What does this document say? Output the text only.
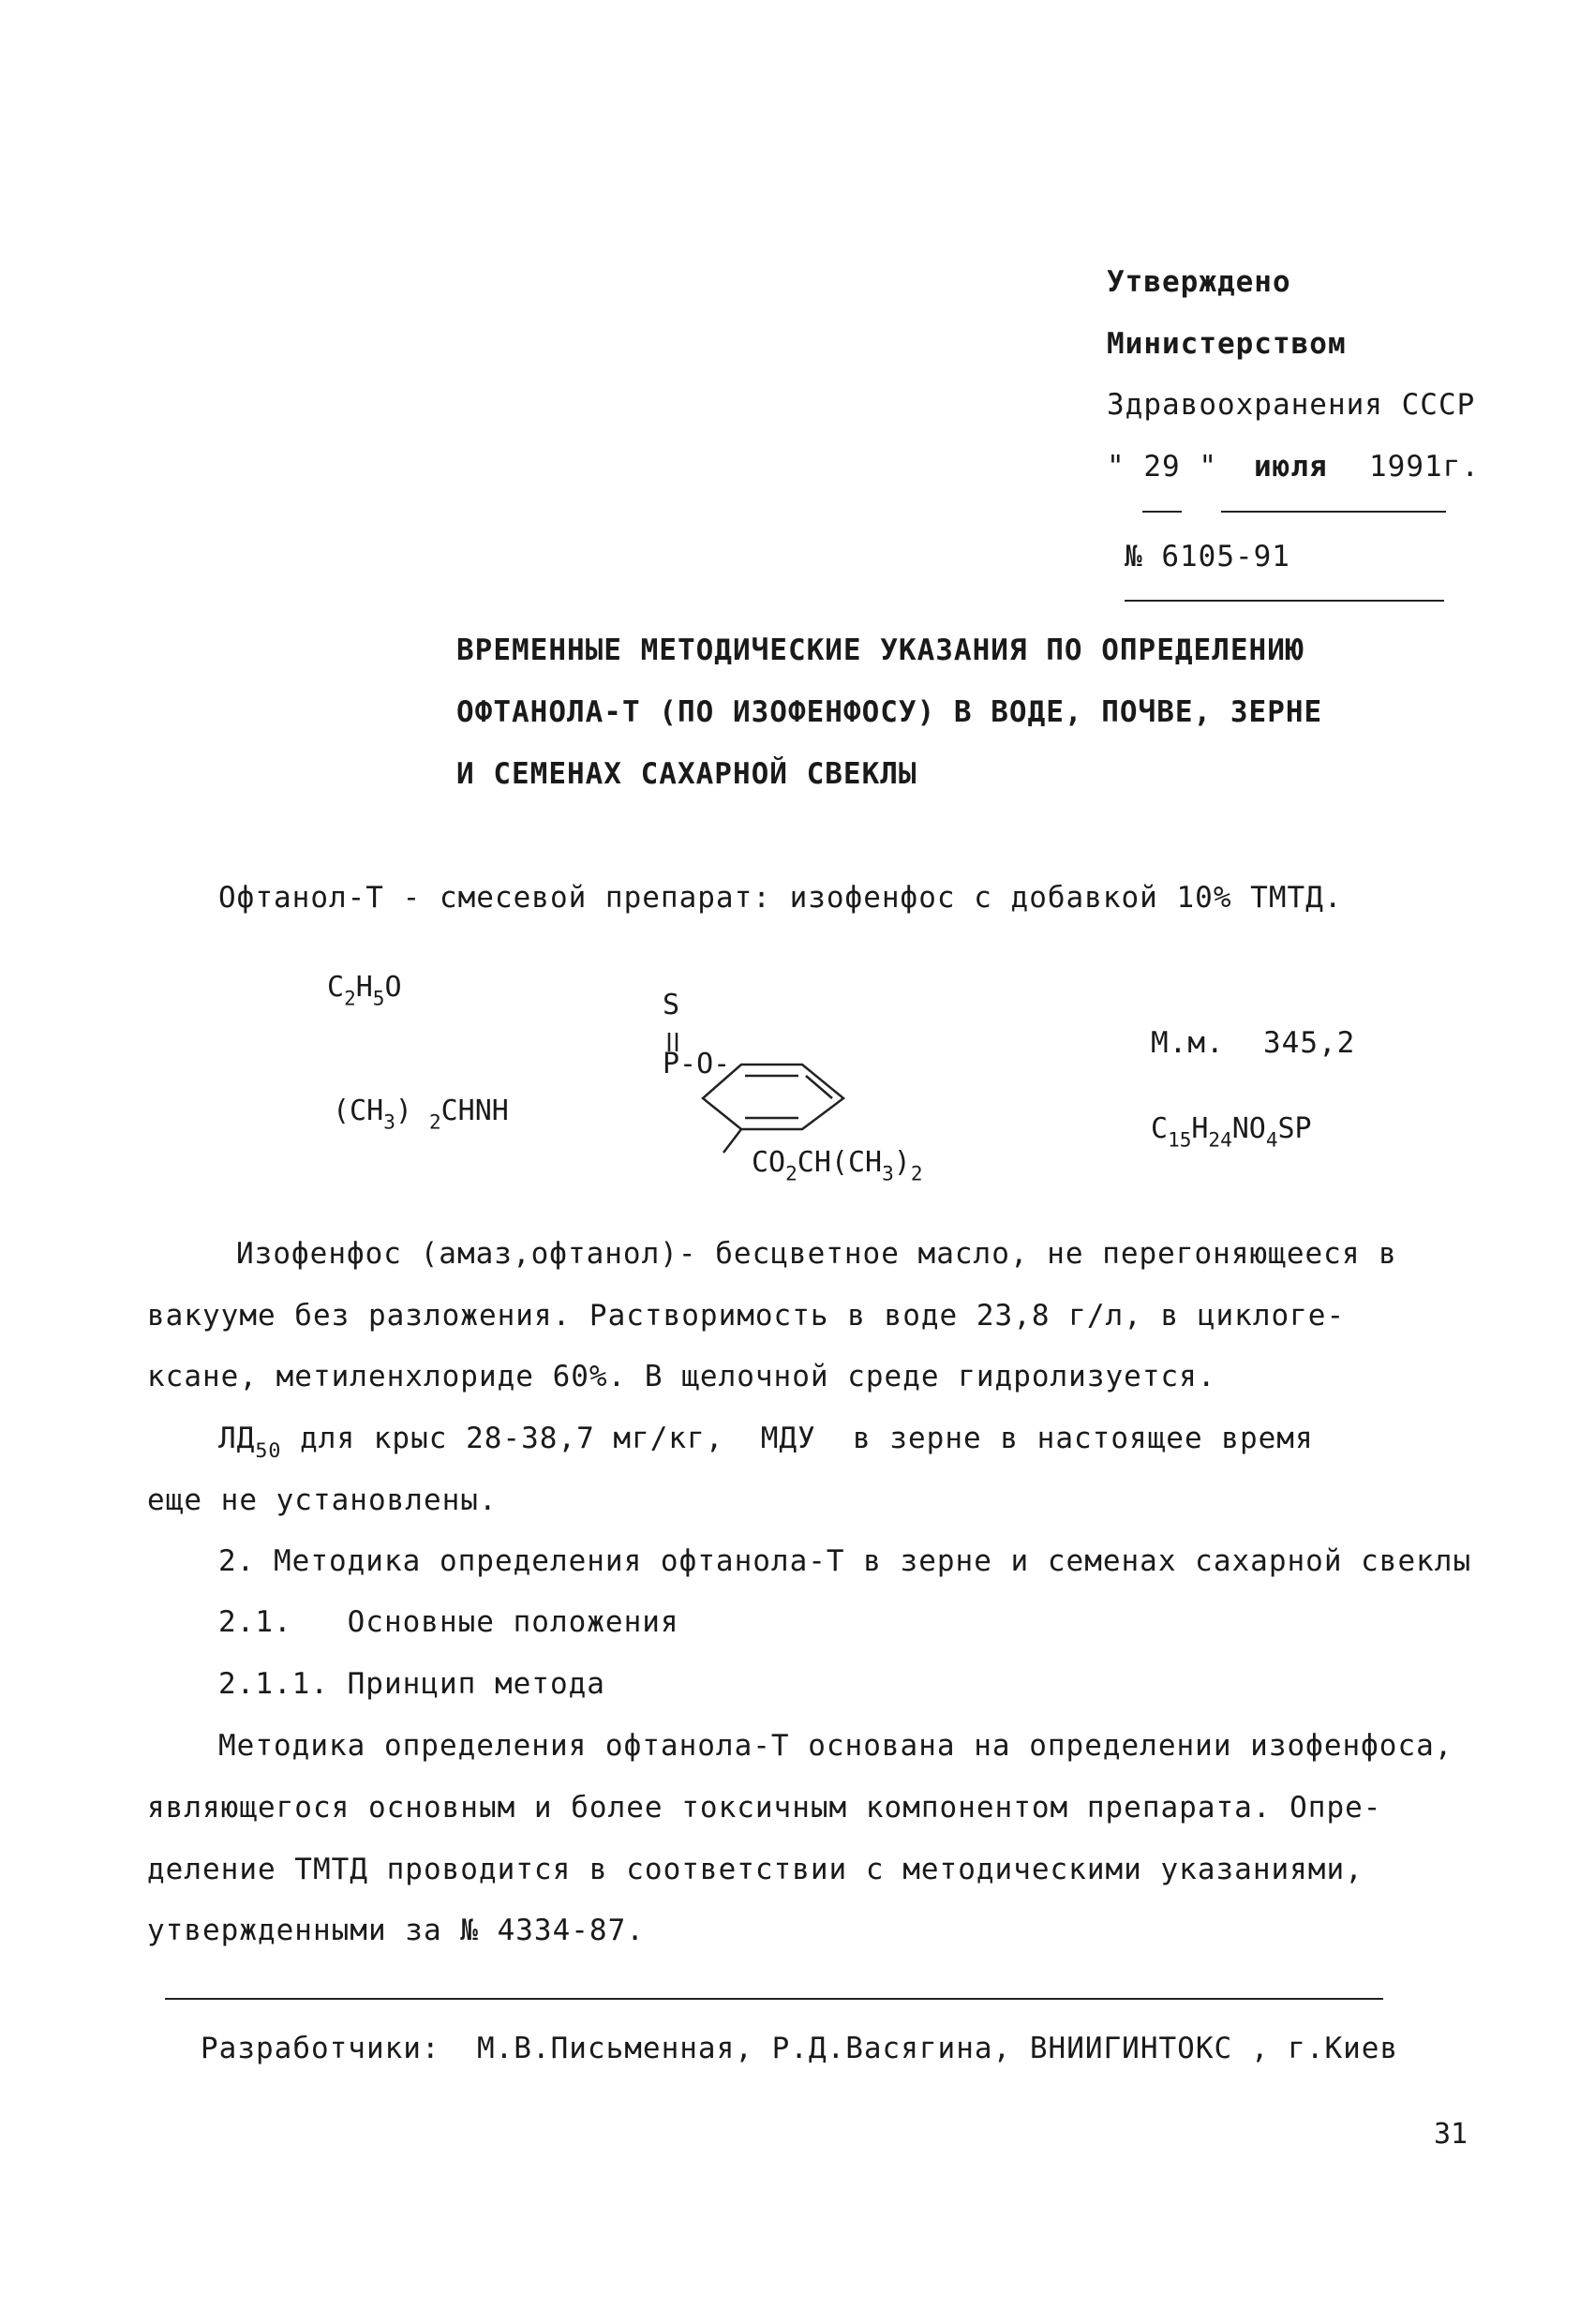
Утверждено
Министерством
Здравоохранения СССР
" 29 " июля 1991г.
№ 6105-91
ВРЕМЕННЫЕ МЕТОДИЧЕСКИЕ УКАЗАНИЯ ПО ОПРЕДЕЛЕНИЮ
ОФТАНОЛА-Т (ПО ИЗОФЕНФОСУ) В ВОДЕ, ПОЧВЕ, ЗЕРНЕ
И СЕМЕНАХ САХАРНОЙ СВЕКЛЫ
Офтанол-Т - смесевой препарат: изофенфос с добавкой 10% ТМТД.
$C_2H_5O$
$(CH_3)$ $_2$CHNH
S
P-O-
$CO_2CH(CH_3)_2$
М.м. 345,2
$C_{15}H_{24}NO_4SP$
Изофенфос (амаз,офтанол)- бесцветное масло, не перегоняющееся в
вакууме без разложения. Растворимость в воде 23,8 г/л, в циклоге-
ксане, метиленхлориде 60%. В щелочной среде гидролизуется.
$ЛД_{50}$ для крыс 28-38,7 мг/кг,  МДУ  в зерне в настоящее время
еще не установлены.
2. Методика определения офтанола-Т в зерне и семенах сахарной свеклы
2.1.   Основные положения
2.1.1. Принцип метода
Методика определения офтанола-Т основана на определении изофенфоса,
являющегося основным и более токсичным компонентом препарата. Опре-
деление ТМТД проводится в соответствии с методическими указаниями,
утвержденными за № 4334-87.
Разработчики:  М.В.Письменная, Р.Д.Васягина, ВНИИГИНТОКС , г.Киев
31
